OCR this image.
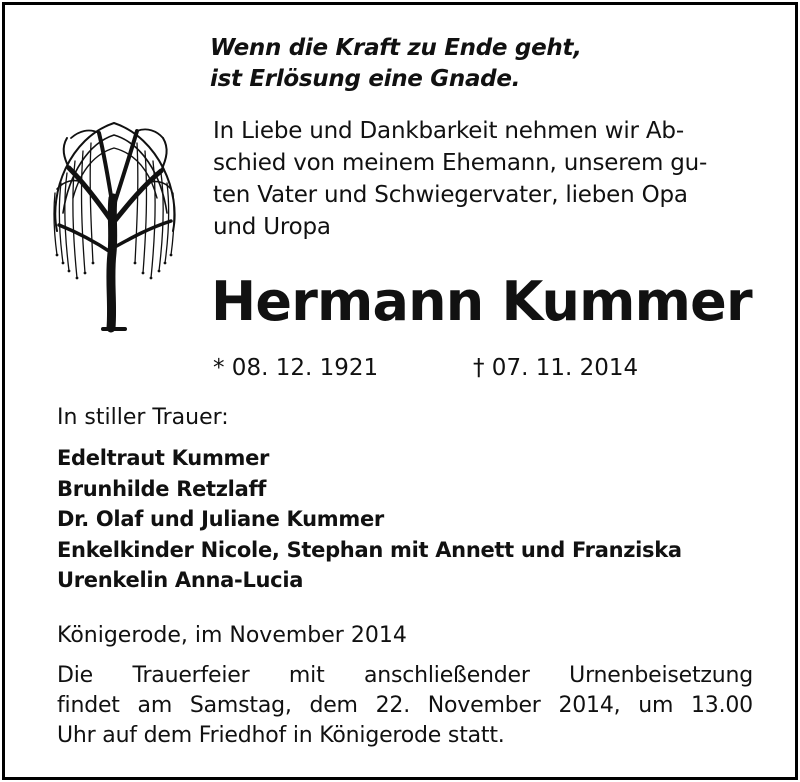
Wenn die Kraft zu Ende geht,
ist Erlösung eine Gnade.
In Liebe und Dankbarkeit nehmen wir Ab-
schied von meinem Ehemann, unserem gu-
ten Vater und Schwiegervater, lieben Opa
und Uropa
Hermann Kummer
* 08. 12. 1921	† 07. 11. 2014
In stiller Trauer:
Edeltraut Kummer
Brunhilde Retzlaff
Dr. Olaf und Juliane Kummer
Enkelkinder Nicole, Stephan mit Annett und Franziska
Urenkelin Anna-Lucia
Königerode, im November 2014
Die Trauerfeier mit anschließender Urnenbeisetzung
findet am Samstag, dem 22. November 2014, um 13.00
Uhr auf dem Friedhof in Königerode statt.
